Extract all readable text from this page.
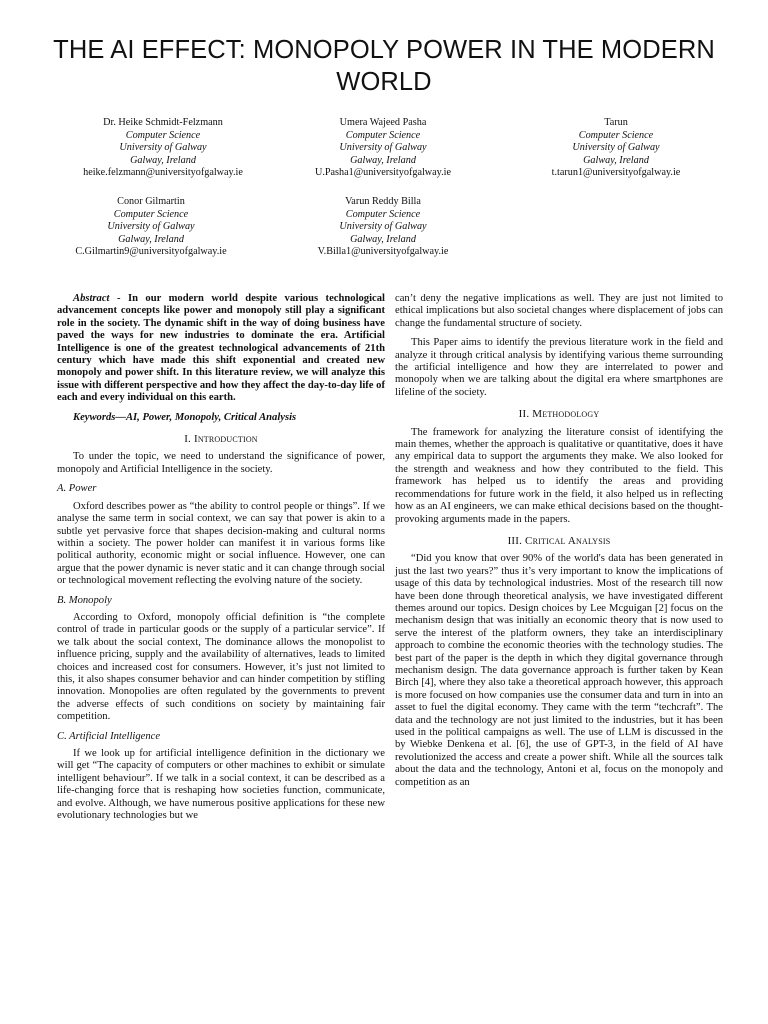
THE AI EFFECT: MONOPOLY POWER IN THE MODERN WORLD
Dr. Heike Schmidt-Felzmann
Computer Science
University of Galway
Galway, Ireland
heike.felzmann@universityofgalway.ie
Umera Wajeed Pasha
Computer Science
University of Galway
Galway, Ireland
U.Pasha1@universityofgalway.ie
Tarun
Computer Science
University of Galway
Galway, Ireland
t.tarun1@universityofgalway.ie
Conor Gilmartin
Computer Science
University of Galway
Galway, Ireland
C.Gilmartin9@universityofgalway.ie
Varun Reddy Billa
Computer Science
University of Galway
Galway, Ireland
V.Billa1@universityofgalway.ie

Abstract - In our modern world despite various technological advancement concepts like power and monopoly still play a significant role in the society. The dynamic shift in the way of doing business have paved the ways for new industries to dominate the era. Artificial Intelligence is one of the greatest technological advancements of 21th century which have made this shift exponential and created new monopoly and power shift. In this literature review, we will analyze this issue with different perspective and how they affect the day-to-day life of each and every individual on this earth.

Keywords—AI, Power, Monopoly, Critical Analysis

I. Introduction

To under the topic, we need to understand the significance of power, monopoly and Artificial Intelligence in the society.

A. Power

Oxford describes power as “the ability to control people or things”. If we analyse the same term in social context, we can say that power is akin to a subtle yet pervasive force that shapes decision-making and cultural norms within a society. The power holder can manifest it in various forms like political authority, economic might or social influence. However, one can argue that the power dynamic is never static and it can change through social or technological movement reflecting the evolving nature of the society.

B. Monopoly

According to Oxford, monopoly official definition is “the complete control of trade in particular goods or the supply of a particular service”. If we talk about the social context, The dominance allows the monopolist to influence pricing, supply and the availability of alternatives, leads to limited choices and increased cost for consumers. However, it’s just not limited to this, it also shapes consumer behavior and can hinder competition by stifling innovation. Monopolies are often regulated by the governments to prevent the adverse effects of such conditions on society by maintaining fair competition.

C. Artificial Intelligence

If we look up for artificial intelligence definition in the dictionary we will get “The capacity of computers or other machines to exhibit or simulate intelligent behaviour”. If we talk in a social context, it can be described as a life-changing force that is reshaping how societies function, communicate, and evolve. Although, we have numerous positive applications for these new evolutionary technologies but we

can’t deny the negative implications as well. They are just not limited to ethical implications but also societal changes where displacement of jobs can change the fundamental structure of society.

This Paper aims to identify the previous literature work in the field and analyze it through critical analysis by identifying various theme surrounding the artificial intelligence and how they are interrelated to power and monopoly when we are talking about the digital era where smartphones are lifeline of the society.

II. Methodology

The framework for analyzing the literature consist of identifying the main themes, whether the approach is qualitative or quantitative, does it have any empirical data to support the arguments they make. We also looked for the strength and weakness and how they contributed to the field. This framework has helped us to identify the areas and providing recommendations for future work in the field, it also helped us in reflecting how as an AI engineers, we can make ethical decisions based on the thought-provoking arguments made in the papers.

III. Critical Analysis

“Did you know that over 90% of the world's data has been generated in just the last two years?” thus it’s very important to know the implications of usage of this data by technological industries. Most of the research till now have been done through theoretical analysis, we have investigated different themes around our topics. Design choices by Lee Mcguigan [2] focus on the mechanism design that was initially an economic theory that is now used to serve the interest of the platform owners, they take an interdisciplinary approach to combine the economic theories with the technology studies. The best part of the paper is the depth in which they digital governance through mechanism design. The data governance approach is further taken by Kean Birch [4], where they also take a theoretical approach however, this approach is more focused on how companies use the consumer data and turn in into an asset to fuel the digital economy. They came with the term “techcraft”. The data and the technology are not just limited to the industries, but it has been used in the political campaigns as well. The use of LLM is discussed in the by Wiebke Denkena et al. [6], the use of GPT-3, in the field of AI have revolutionized the access and create a power shift. While all the sources talk about the data and the technology, Antoni et al, focus on the monopoly and competition as an
